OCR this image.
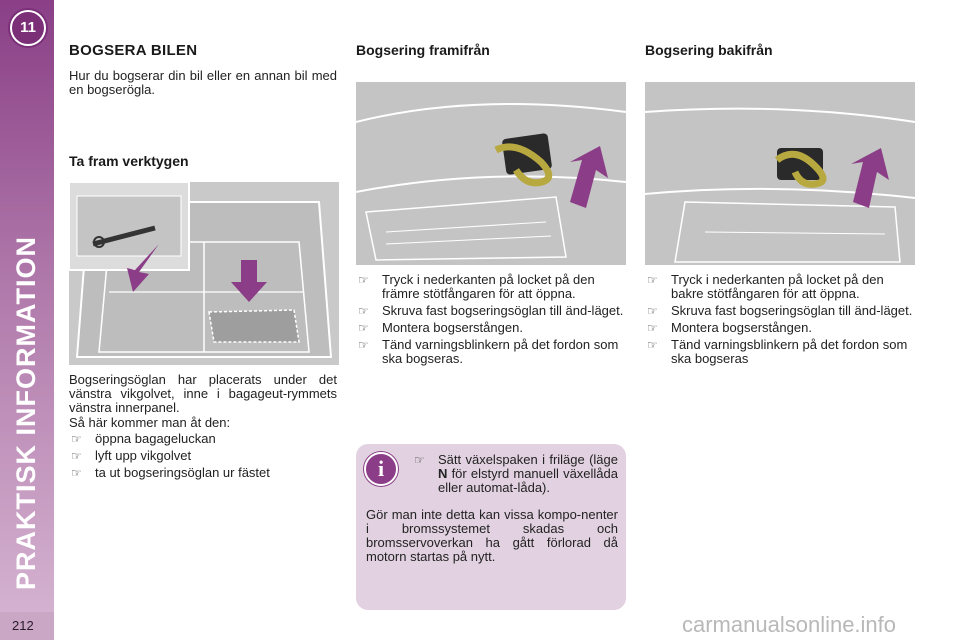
11
PRAKTISK INFORMATION
212
BOGSERA BILEN
Hur du bogserar din bil eller en annan bil med en bogserögla.
Ta fram verktygen
Bogseringsöglan har placerats under det vänstra vikgolvet, inne i bagageut-rymmets vänstra innerpanel.
Så här kommer man åt den:
☞ öppna bagageluckan
☞ lyft upp vikgolvet
☞ ta ut bogseringsöglan ur fästet
Bogsering framifrån
☞ Tryck i nederkanten på locket på den främre stötfångaren för att öppna.
☞ Skruva fast bogseringsöglan till änd-läget.
☞ Montera bogserstången.
☞ Tänd varningsblinkern på det fordon som ska bogseras.
i	☞ Sätt växelspaken i friläge (läge N för elstyrd manuell växellåda eller automat-låda).
Gör man inte detta kan vissa kompo-nenter i bromssystemet skadas och bromsservoverkan ha gått förlorad då motorn startas på nytt.
Bogsering bakifrån
☞ Tryck i nederkanten på locket på den bakre stötfångaren för att öppna.
☞ Skruva fast bogseringsöglan till änd-läget.
☞ Montera bogserstången.
☞ Tänd varningsblinkern på det fordon som ska bogseras
carmanualsonline.info
